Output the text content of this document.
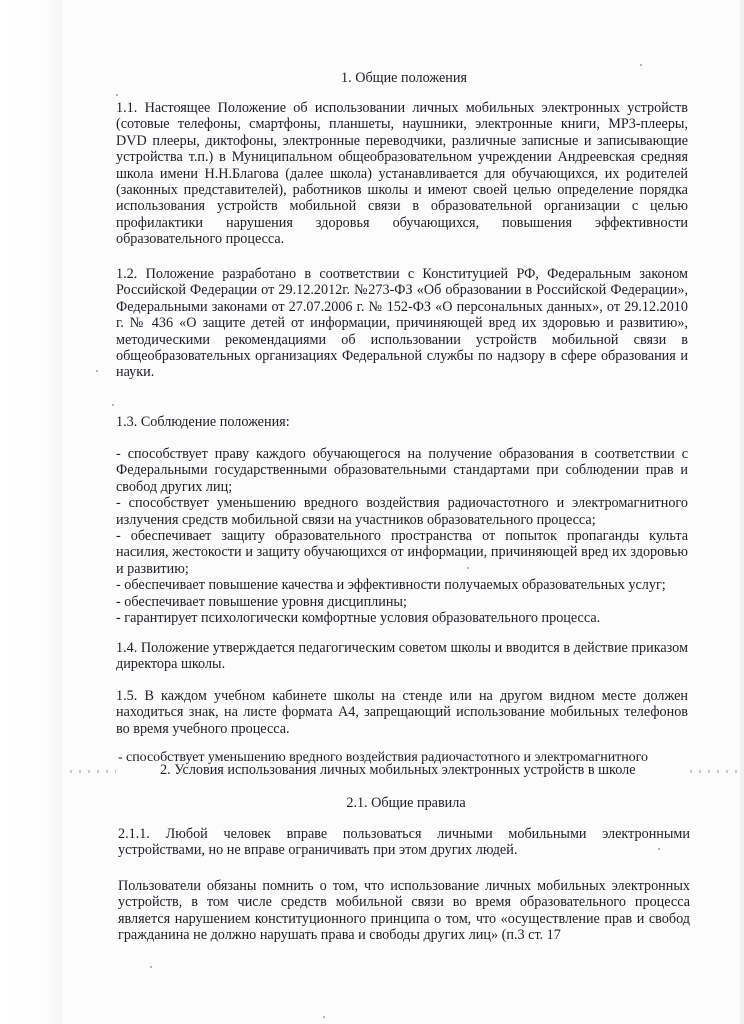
1. Общие положения

1.1. Настоящее Положение об использовании личных мобильных электронных устройств (сотовые телефоны, смартфоны, планшеты, наушники, электронные книги, МР3-плееры, DVD плееры, диктофоны, электронные переводчики, различные записные и записывающие устройства т.п.) в Муниципальном общеобразовательном учреждении Андреевская средняя школа имени Н.Н.Благова (далее школа) устанавливается для обучающихся, их родителей (законных представителей), работников школы и имеют своей целью определение порядка использования устройств мобильной связи в образовательной организации с целью профилактики нарушения здоровья обучающихся, повышения эффективности образовательного процесса.

1.2. Положение разработано в соответствии с Конституцией РФ, Федеральным законом Российской Федерации от 29.12.2012г. №273-ФЗ «Об образовании в Российской Федерации», Федеральными законами от 27.07.2006 г. № 152-ФЗ «О персональных данных», от 29.12.2010 г. № 436 «О защите детей от информации, причиняющей вред их здоровью и развитию», методическими рекомендациями об использовании устройств мобильной связи в общеобразовательных организациях Федеральной службы по надзору в сфере образования и науки.

1.3. Соблюдение положения:

- способствует праву каждого обучающегося на получение образования в соответствии с Федеральными государственными образовательными стандартами при соблюдении прав и свобод других лиц;

- способствует уменьшению вредного воздействия радиочастотного и электромагнитного излучения средств мобильной связи на участников образовательного процесса;

- обеспечивает защиту образовательного пространства от попыток пропаганды культа насилия, жестокости и защиту обучающихся от информации, причиняющей вред их здоровью и развитию;

- обеспечивает повышение качества и эффективности получаемых образовательных услуг;

- обеспечивает повышение уровня дисциплины;

- гарантирует психологически комфортные условия образовательного процесса.

1.4. Положение утверждается педагогическим советом школы и вводится в действие приказом директора школы.

1.5. В каждом учебном кабинете школы на стенде или на другом видном месте должен находиться знак, на листе формата А4, запрещающий использование мобильных телефонов во время учебного процесса.

- способствует уменьшению вредного воздействия радиочастотного и электромагнитного
2. Условия использования личных мобильных электронных устройств в школе
2.1. Общие правила

2.1.1. Любой человек вправе пользоваться личными мобильными электронными устройствами, но не вправе ограничивать при этом других людей.

Пользователи обязаны помнить о том, что использование личных мобильных электронных устройств, в том числе средств мобильной связи во время образовательного процесса является нарушением конституционного принципа о том, что «осуществление прав и свобод гражданина не должно нарушать права и свободы других лиц» (п.3 ст. 17
